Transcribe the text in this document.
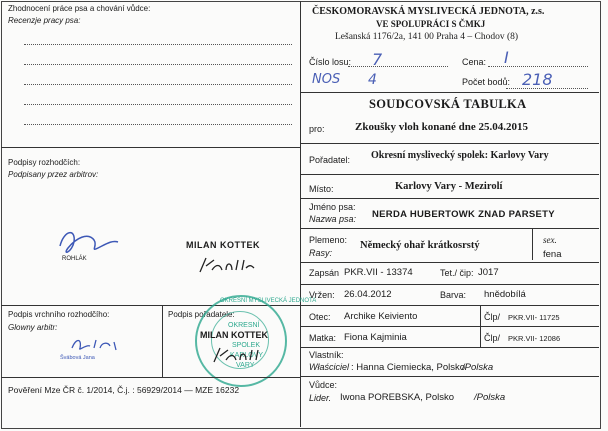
Zhodnocení práce psa a chování vůdce:
Recenzje pracy psa:
Podpisy rozhodčích:
Podpisany przez arbitrov:
ROHLÁK
MILAN KOTTEK
Podpis vrchního rozhodčího:
Glowny arbitr:
Švábová Jana
Podpis pořadatele:
OKRESNÍ MYSLIVECKÁ JEDNOTA
OKRESNÍ
SPOLEK
KARLOVY
VARY
MILAN KOTTEK
Pověření Mze ČR č. 1/2014, Č.j. : 56929/2014 — MZE 16232
ČESKOMORAVSKÁ MYSLIVECKÁ JEDNOTA, z.s.
VE SPOLUPRÁCI S ČMKJ
Lešanská 1176/2a, 141 00 Praha 4 – Chodov (8)
Číslo losu: 7	Cena: I
NOS 4	Počet bodů: 218
SOUDCOVSKÁ TABULKA
pro:	Zkoušky vloh konané dne 25.04.2015
Pořadatel: Okresní myslivecký spolek: Karlovy Vary
Místo:	Karlovy Vary - Mezirolí
Jméno psa:
Nazwa psa: NERDA HUBERTOWK ZNAD PARSETY
Plemeno:
Rasy:
Německý ohař krátkosrstý	sex.
fena
Zapsán PKR.VII - 13374	Tet./ čip: J017
Vržen: 26.04.2012	Barva: hnědobílá
Otec: Archike Keiviento	Člp/ PKR.VII- 11725
Matka: Fiona Kajminia	Člp/ PKR.VII- 12086
Vlastník:
Właściciel : Hanna Ciemiecka, Polsko
/Polska
Vůdce:
Lider. Iwona POREBSKA, Polsko /Polska
